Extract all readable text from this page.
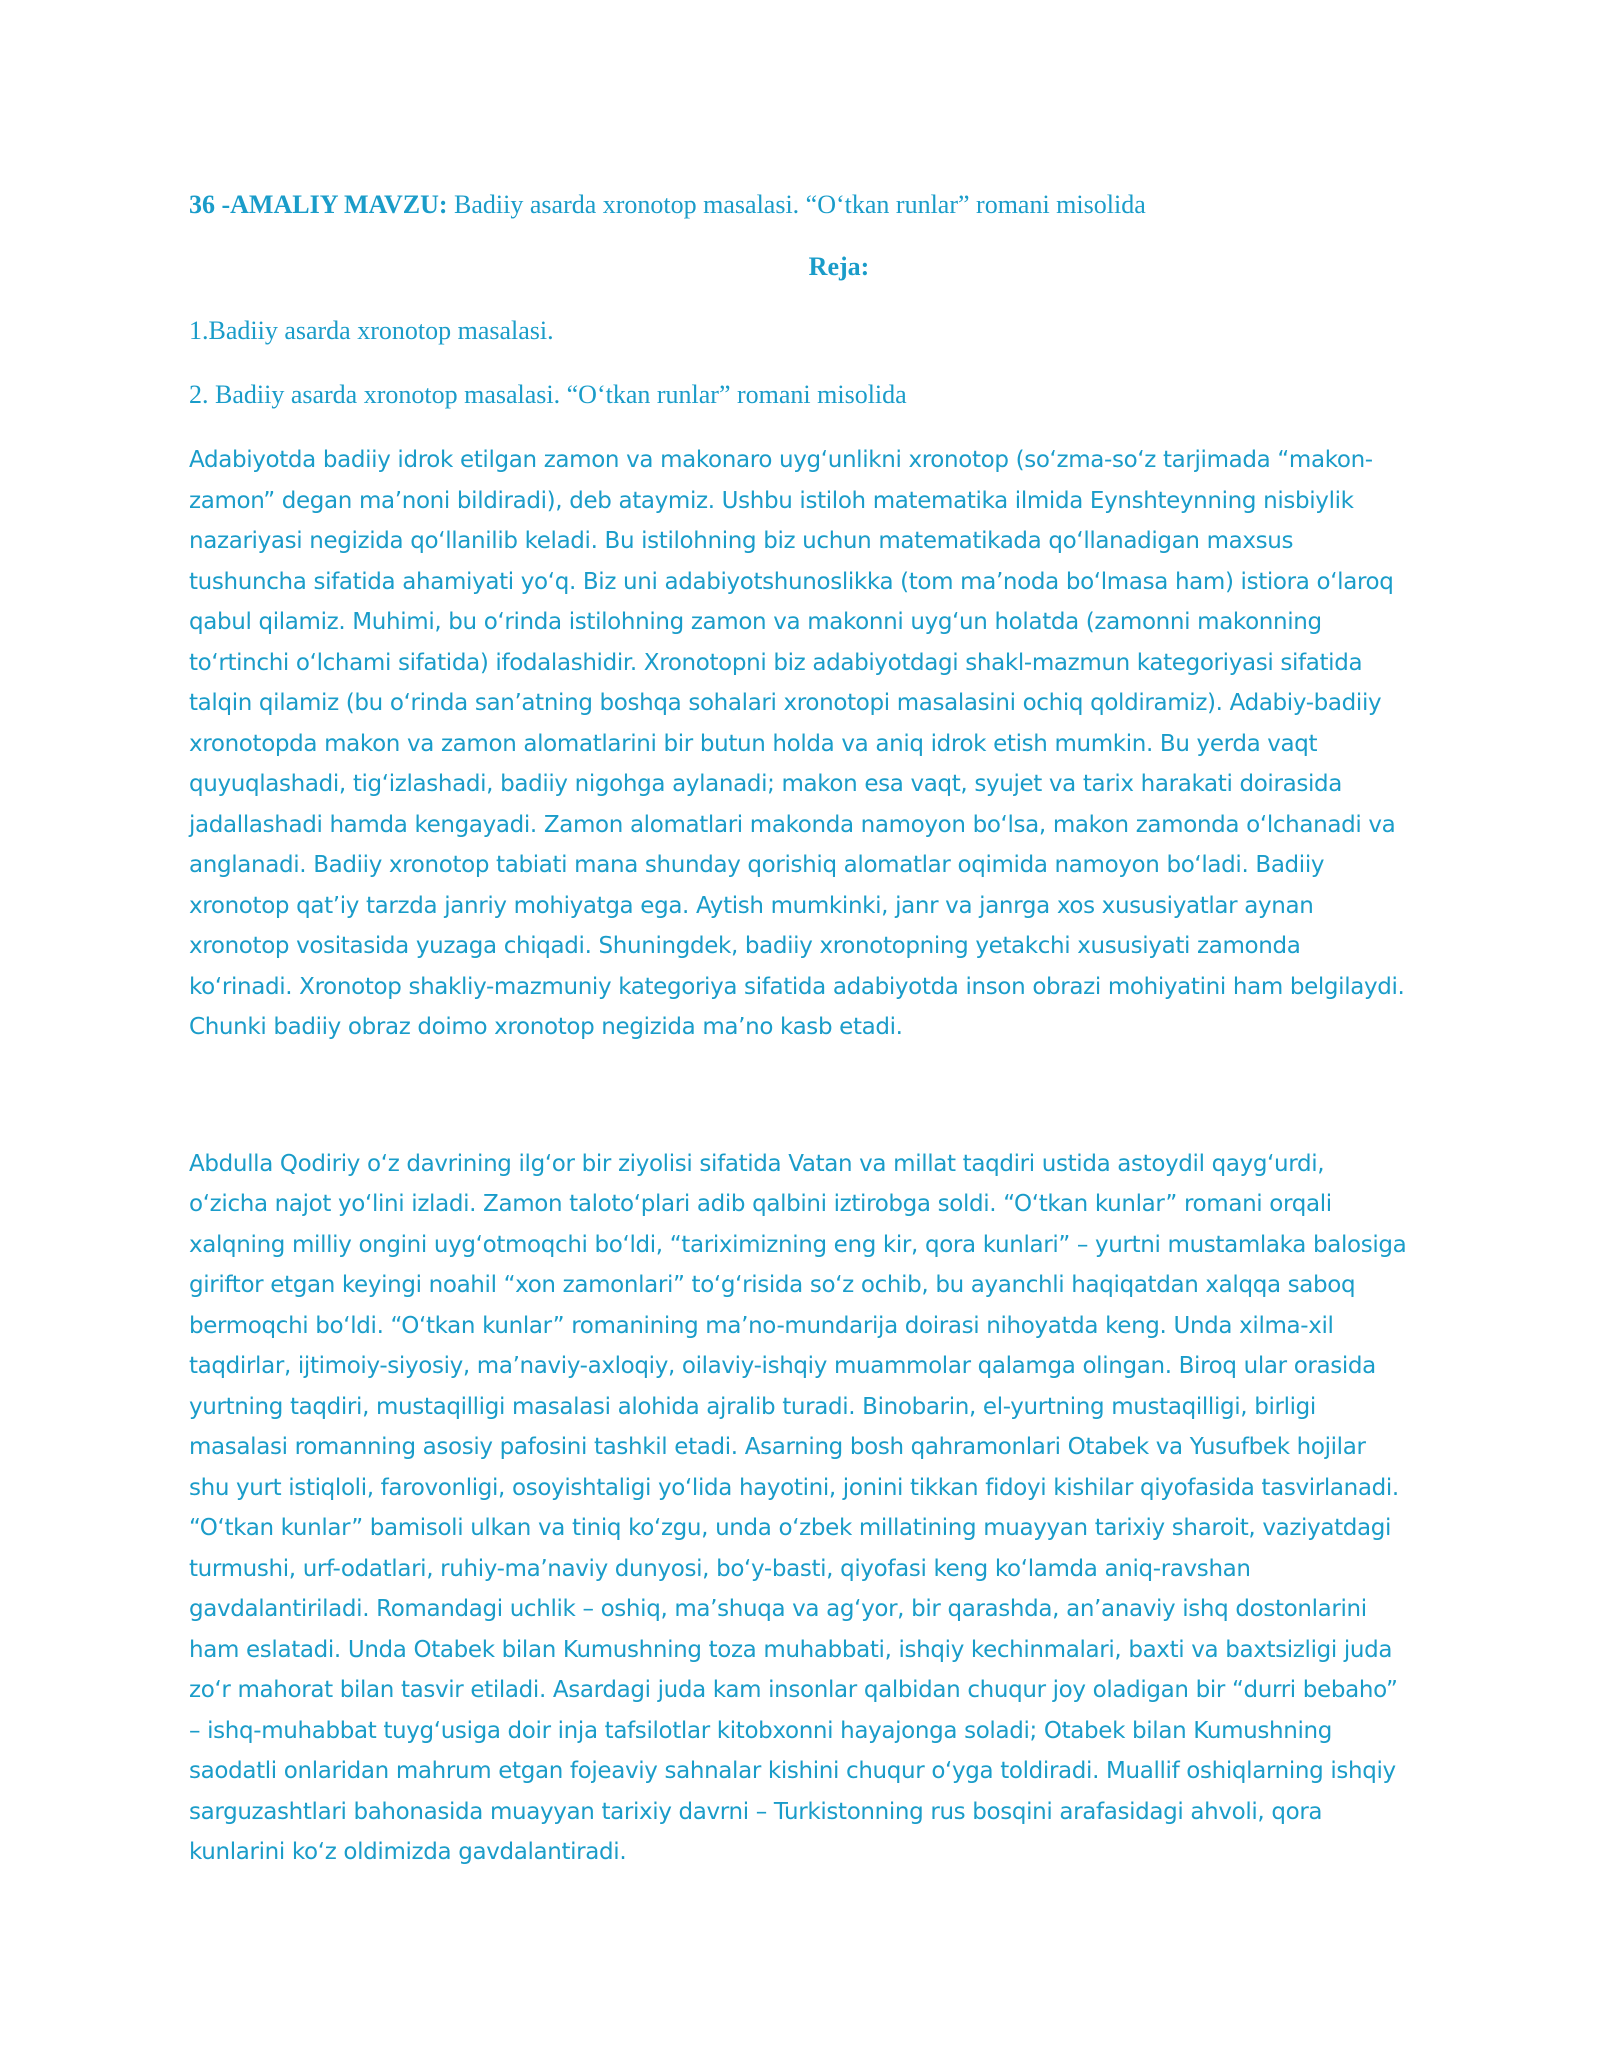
36 -AMALIY MAVZU: Badiiy asarda xronotop masalasi. “O‘tkan runlar” romani misolida

Reja:

1.Badiiy asarda xronotop masalasi.

2. Badiiy asarda xronotop masalasi. “O‘tkan runlar” romani misolida

Adabiyotda badiiy idrok etilgan zamon va makonaro uyg‘unlikni xronotop (so‘zma-so‘z tarjimada “makon-zamon” degan ma’noni bildiradi), deb ataymiz. Ushbu istiloh matematika ilmida Eynshteynning nisbiylik nazariyasi negizida qo‘llanilib keladi. Bu istilohning biz uchun matematikada qo‘llanadigan maxsus tushuncha sifatida ahamiyati yo‘q. Biz uni adabiyotshunoslikka (tom ma’noda bo‘lmasa ham) istiora o‘laroq qabul qilamiz. Muhimi, bu o‘rinda istilohning zamon va makonni uyg‘un holatda (zamonni makonning to‘rtinchi o‘lchami sifatida) ifodalashidir. Xronotopni biz adabiyotdagi shakl-mazmun kategoriyasi sifatida talqin qilamiz (bu o‘rinda san’atning boshqa sohalari xronotopi masalasini ochiq qoldiramiz). Adabiy-badiiy xronotopda makon va zamon alomatlarini bir butun holda va aniq idrok etish mumkin. Bu yerda vaqt quyuqlashadi, tig‘izlashadi, badiiy nigohga aylanadi; makon esa vaqt, syujet va tarix harakati doirasida jadallashadi hamda kengayadi. Zamon alomatlari makonda namoyon bo‘lsa, makon zamonda o‘lchanadi va anglanadi. Badiiy xronotop tabiati mana shunday qorishiq alomatlar oqimida namoyon bo‘ladi. Badiiy xronotop qat’iy tarzda janriy mohiyatga ega. Aytish mumkinki, janr va janrga xos xususiyatlar aynan xronotop vositasida yuzaga chiqadi. Shuningdek, badiiy xronotopning yetakchi xususiyati zamonda ko‘rinadi. Xronotop shakliy-mazmuniy kategoriya sifatida adabiyotda inson obrazi mohiyatini ham belgilaydi. Chunki badiiy obraz doimo xronotop negizida ma’no kasb etadi.

Abdulla Qodiriy o‘z davrining ilg‘or bir ziyolisi sifatida Vatan va millat taqdiri ustida astoydil qayg‘urdi, o‘zicha najot yo‘lini izladi. Zamon taloto‘plari adib qalbini iztirobga soldi. “O‘tkan kunlar” romani orqali xalqning milliy ongini uyg‘otmoqchi bo‘ldi, “tariximizning eng kir, qora kunlari” – yurtni mustamlaka balosiga giriftor etgan keyingi noahil “xon zamonlari” to‘g‘risida so‘z ochib, bu ayanchli haqiqatdan xalqqa saboq bermoqchi bo‘ldi. “O‘tkan kunlar” romanining ma’no-mundarija doirasi nihoyatda keng. Unda xilma-xil taqdirlar, ijtimoiy-siyosiy, ma’naviy-axloqiy, oilaviy-ishqiy muammolar qalamga olingan. Biroq ular orasida yurtning taqdiri, mustaqilligi masalasi alohida ajralib turadi. Binobarin, el-yurtning mustaqilligi, birligi masalasi romanning asosiy pafosini tashkil etadi. Asarning bosh qahramonlari Otabek va Yusufbek hojilar shu yurt istiqloli, farovonligi, osoyishtaligi yo‘lida hayotini, jonini tikkan fidoyi kishilar qiyofasida tasvirlanadi. “O‘tkan kunlar” bamisoli ulkan va tiniq ko‘zgu, unda o‘zbek millatining muayyan tarixiy sharoit, vaziyatdagi turmushi, urf-odatlari, ruhiy-ma’naviy dunyosi, bo‘y-basti, qiyofasi keng ko‘lamda aniq-ravshan gavdalantiriladi. Romandagi uchlik – oshiq, ma’shuqa va ag‘yor, bir qarashda, an’anaviy ishq dostonlarini ham eslatadi. Unda Otabek bilan Kumushning toza muhabbati, ishqiy kechinmalari, baxti va baxtsizligi juda zo‘r mahorat bilan tasvir etiladi. Asardagi juda kam insonlar qalbidan chuqur joy oladigan bir “durri bebaho” – ishq-muhabbat tuyg‘usiga doir inja tafsilotlar kitobxonni hayajonga soladi; Otabek bilan Kumushning saodatli onlaridan mahrum etgan fojeaviy sahnalar kishini chuqur o‘yga toldiradi. Muallif oshiqlarning ishqiy sarguzashtlari bahonasida muayyan tarixiy davrni – Turkistonning rus bosqini arafasidagi ahvoli, qora kunlarini ko‘z oldimizda gavdalantiradi.
